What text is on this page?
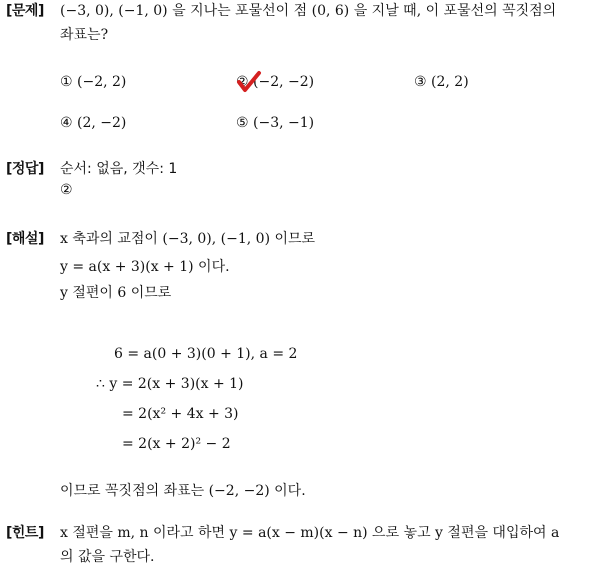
[문제] (−3, 0), (−1, 0) 을 지나는 포물선이 점 (0, 6) 을 지날 때, 이 포물선의 꼭짓점의
좌표는?
① (−2, 2)	② (−2, −2)	③ (2, 2)
④ (2, −2)	⑤ (−3, −1)
[정답] 순서: 없음, 갯수: 1
②
[해설] x 축과의 교점이 (−3, 0), (−1, 0) 이므로
y = a(x + 3)(x + 1) 이다.
y 절편이 6 이므로
6 = a(0 + 3)(0 + 1), a = 2
∴ y = 2(x + 3)(x + 1)
= 2(x² + 4x + 3)
= 2(x + 2)² − 2
이므로 꼭짓점의 좌표는 (−2, −2) 이다.
[힌트] x 절편을 m, n 이라고 하면 y = a(x − m)(x − n) 으로 놓고 y 절편을 대입하여 a
의 값을 구한다.
